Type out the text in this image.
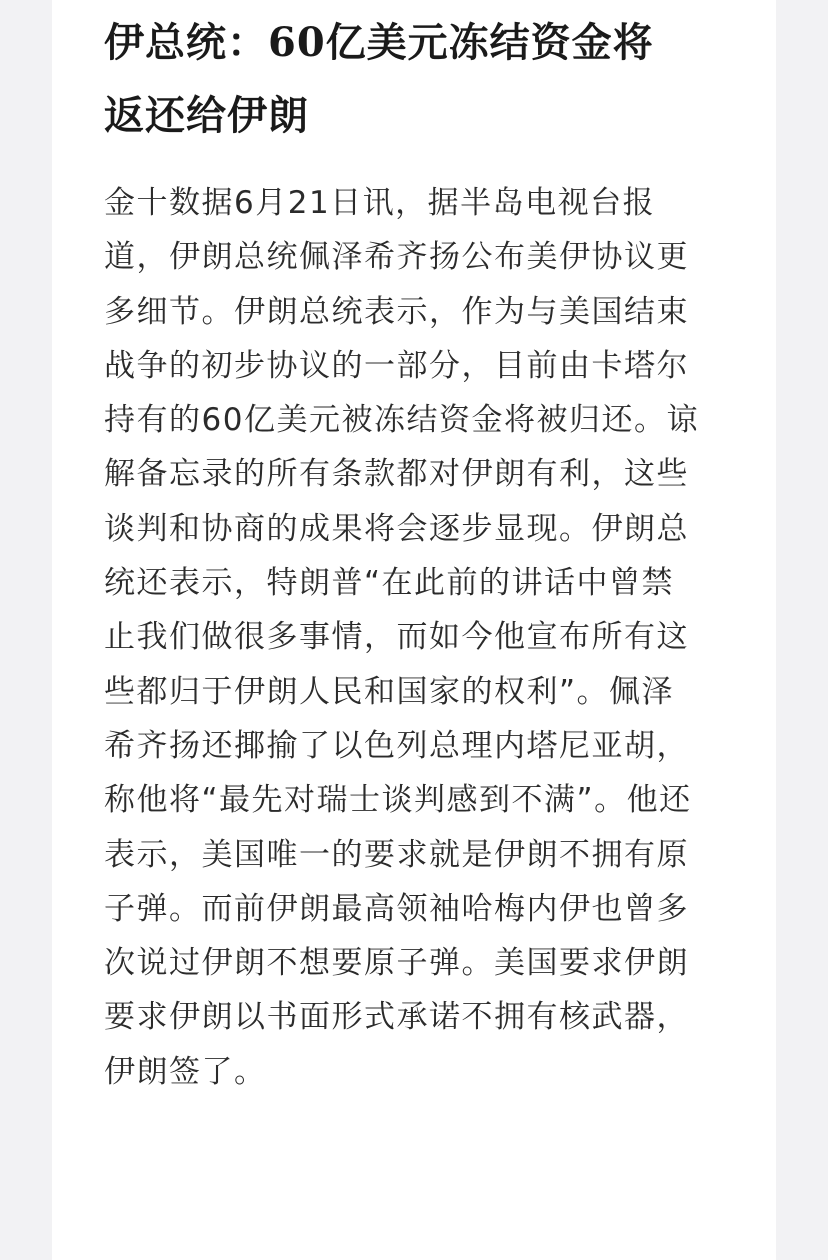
伊总统：60亿美元冻结资金将
返还给伊朗
金十数据6月21日讯，据半岛电视台报
道，伊朗总统佩泽希齐扬公布美伊协议更
多细节。伊朗总统表示，作为与美国结束
战争的初步协议的一部分，目前由卡塔尔
持有的60亿美元被冻结资金将被归还。谅
解备忘录的所有条款都对伊朗有利，这些
谈判和协商的成果将会逐步显现。伊朗总
统还表示，特朗普“在此前的讲话中曾禁
止我们做很多事情，而如今他宣布所有这
些都归于伊朗人民和国家的权利”。佩泽
希齐扬还揶揄了以色列总理内塔尼亚胡，
称他将“最先对瑞士谈判感到不满”。他还
表示，美国唯一的要求就是伊朗不拥有原
子弹。而前伊朗最高领袖哈梅内伊也曾多
次说过伊朗不想要原子弹。美国要求伊朗
要求伊朗以书面形式承诺不拥有核武器，
伊朗签了。
